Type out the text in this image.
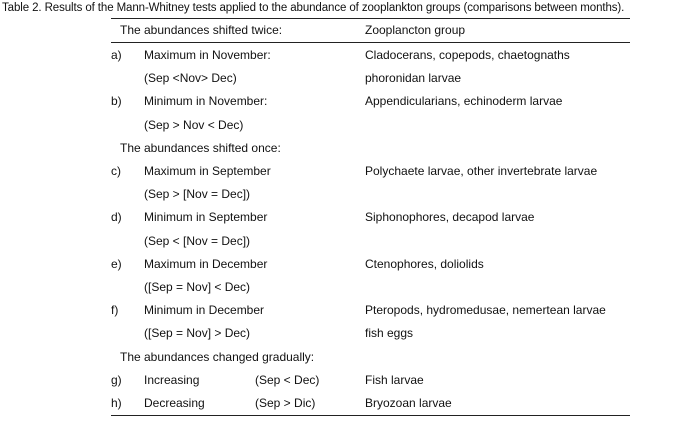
Table 2. Results of the Mann-Whitney tests applied to the abundance of zooplankton groups (comparisons between months).
The abundances shifted twice:	Zooplancton group
a) Maximum in November:	Cladocerans, copepods, chaetognaths
(Sep <Nov> Dec)	phoronidan larvae
b) Minimum in November:	Appendicularians, echinoderm larvae
(Sep > Nov < Dec)
The abundances shifted once:
c) Maximum in September	Polychaete larvae, other invertebrate larvae
(Sep > [Nov = Dec])
d) Minimum in September	Siphonophores, decapod larvae
(Sep < [Nov = Dec])
e) Maximum in December	Ctenophores, doliolids
([Sep = Nov] < Dec)
f) Minimum in December	Pteropods, hydromedusae, nemertean larvae
([Sep = Nov] > Dec)	fish eggs
The abundances changed gradually:
g) Increasing	(Sep < Dec)	Fish larvae
h) Decreasing	(Sep > Dic)	Bryozoan larvae
